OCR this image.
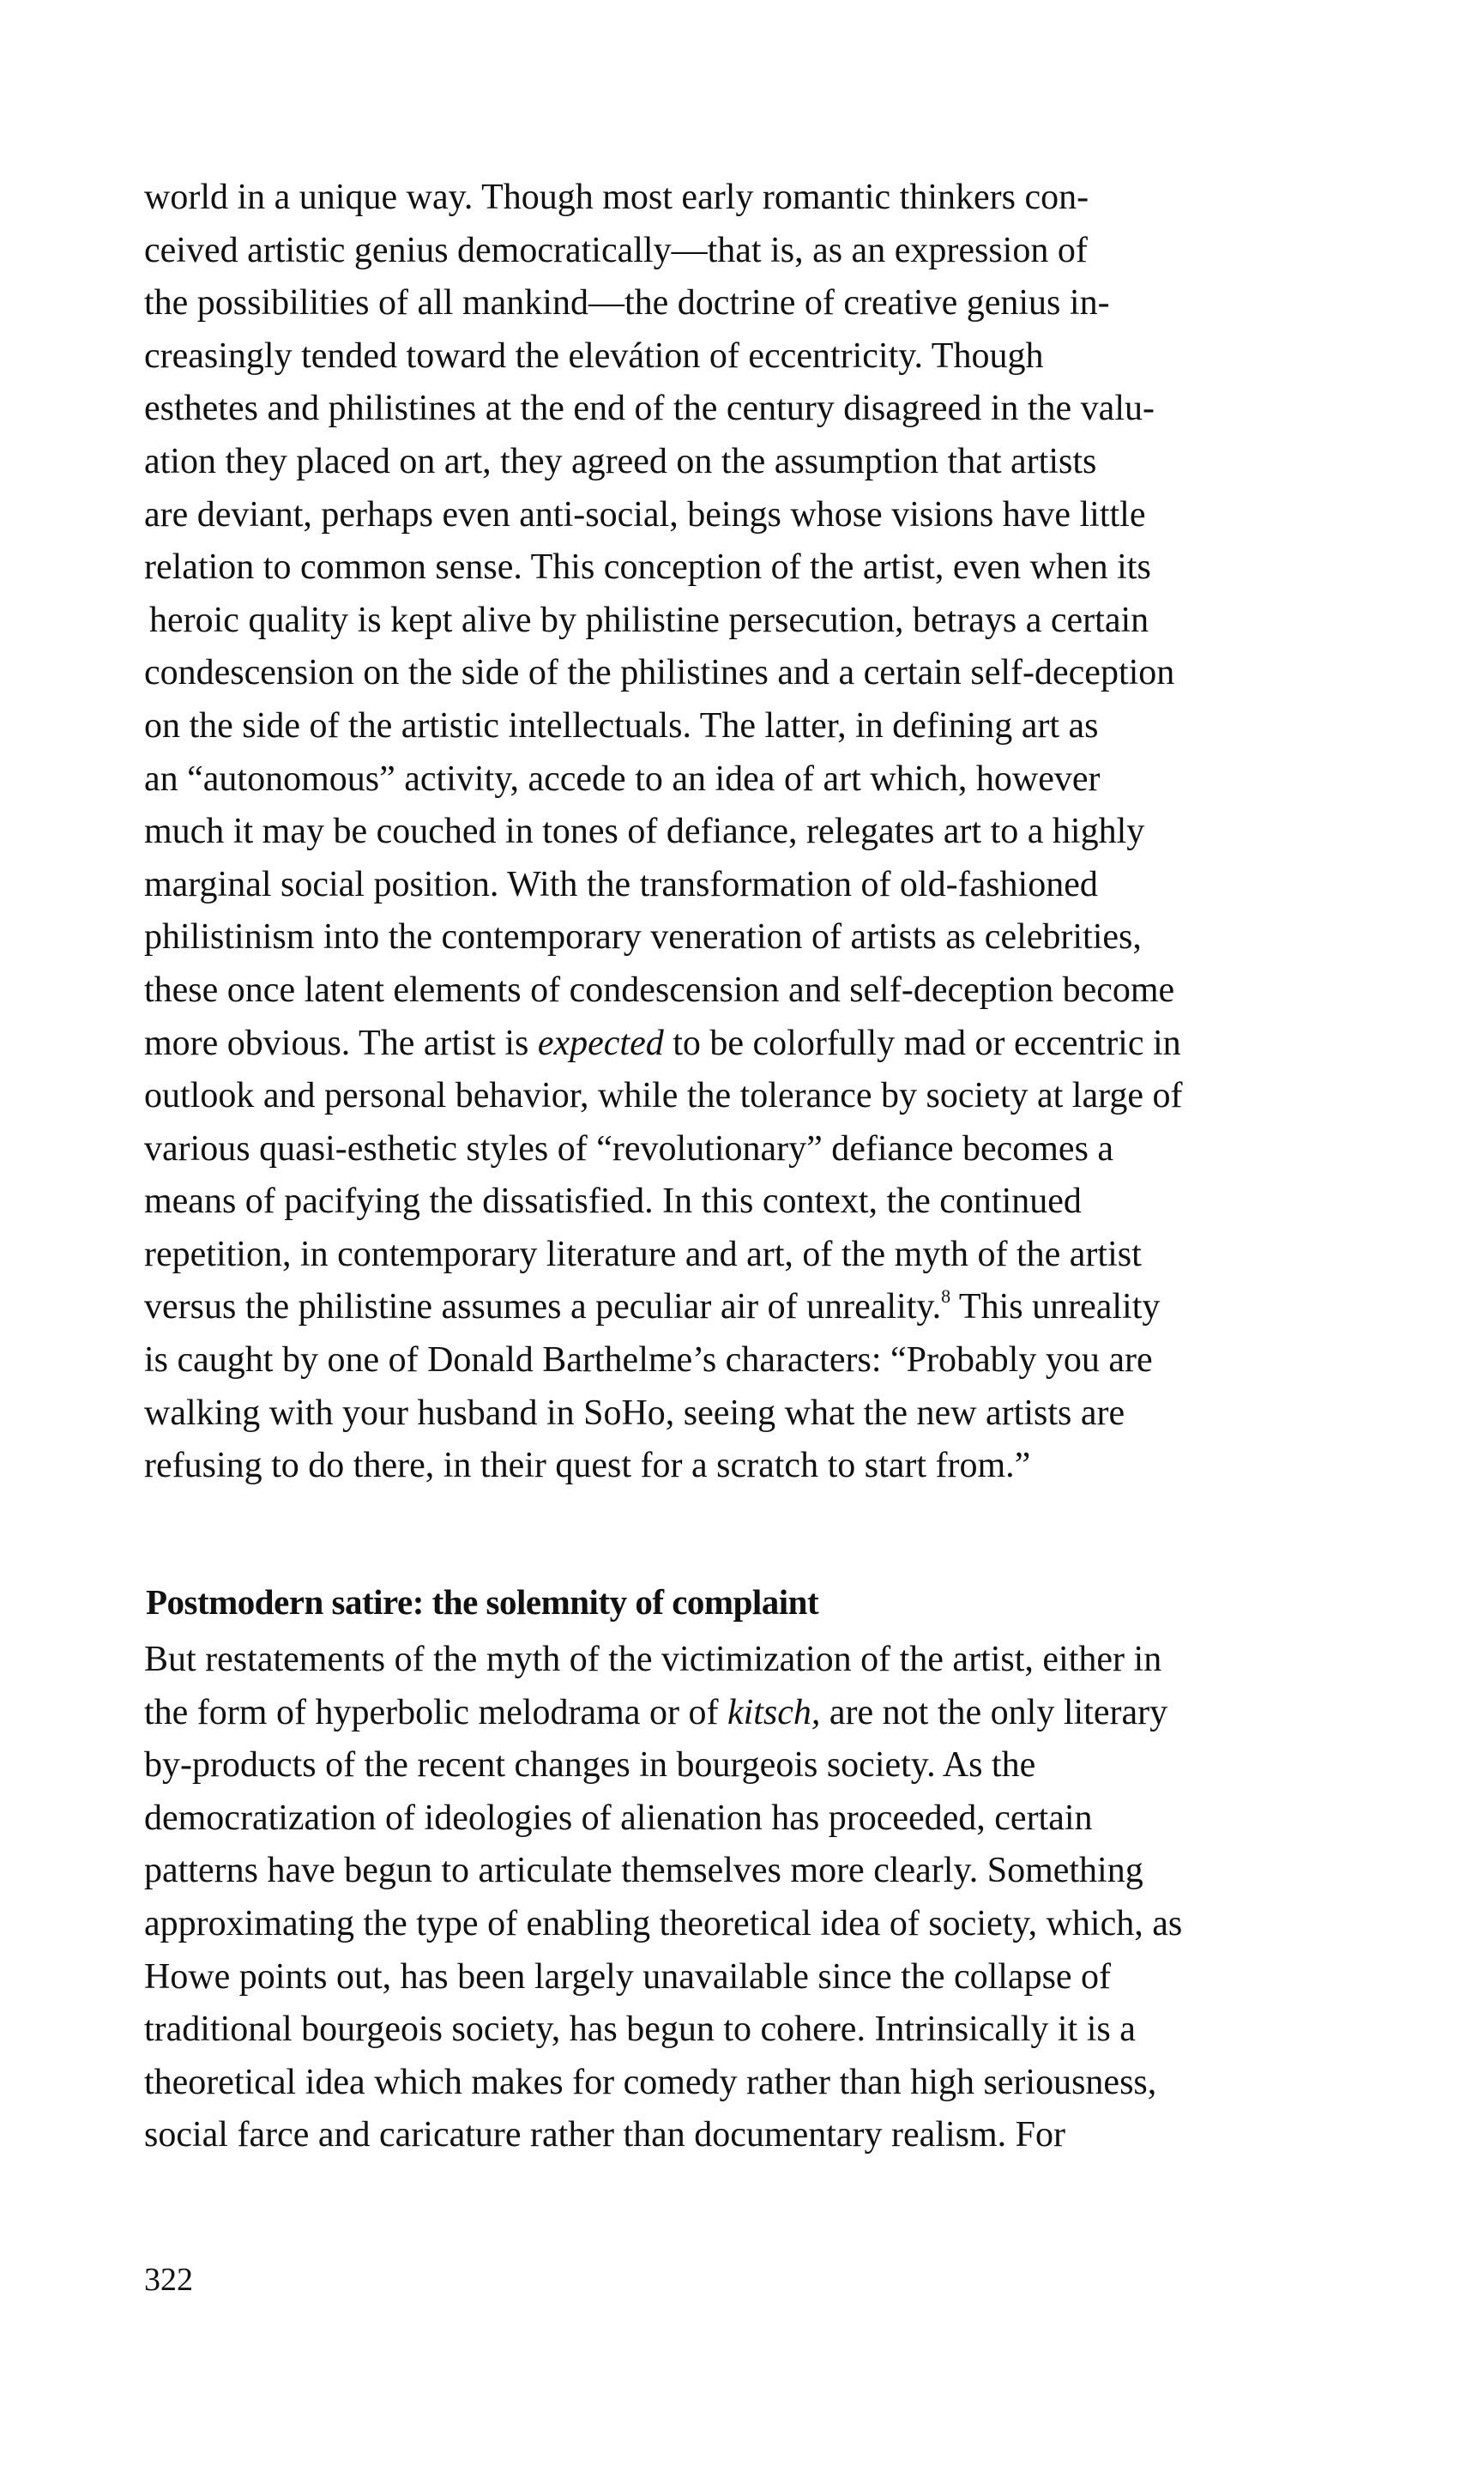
world in a unique way. Though most early romantic thinkers con-
ceived artistic genius democratically—that is, as an expression of
the possibilities of all mankind—the doctrine of creative genius in-
creasingly tended toward the elevátion of eccentricity. Though
esthetes and philistines at the end of the century disagreed in the valu-
ation they placed on art, they agreed on the assumption that artists
are deviant, perhaps even anti-social, beings whose visions have little
relation to common sense. This conception of the artist, even when its
heroic quality is kept alive by philistine persecution, betrays a certain
condescension on the side of the philistines and a certain self-deception
on the side of the artistic intellectuals. The latter, in defining art as
an “autonomous” activity, accede to an idea of art which, however
much it may be couched in tones of defiance, relegates art to a highly
marginal social position. With the transformation of old-fashioned
philistinism into the contemporary veneration of artists as celebrities,
these once latent elements of condescension and self-deception become
more obvious. The artist is expected to be colorfully mad or eccentric in
outlook and personal behavior, while the tolerance by society at large of
various quasi-esthetic styles of “revolutionary” defiance becomes a
means of pacifying the dissatisfied. In this context, the continued
repetition, in contemporary literature and art, of the myth of the artist
versus the philistine assumes a peculiar air of unreality.$^8$ This unreality
is caught by one of Donald Barthelme’s characters: “Probably you are
walking with your husband in SoHo, seeing what the new artists are
refusing to do there, in their quest for a scratch to start from.”
Postmodern satire: the solemnity of complaint
But restatements of the myth of the victimization of the artist, either in
the form of hyperbolic melodrama or of kitsch, are not the only literary
by-products of the recent changes in bourgeois society. As the
democratization of ideologies of alienation has proceeded, certain
patterns have begun to articulate themselves more clearly. Something
approximating the type of enabling theoretical idea of society, which, as
Howe points out, has been largely unavailable since the collapse of
traditional bourgeois society, has begun to cohere. Intrinsically it is a
theoretical idea which makes for comedy rather than high seriousness,
social farce and caricature rather than documentary realism. For
322
